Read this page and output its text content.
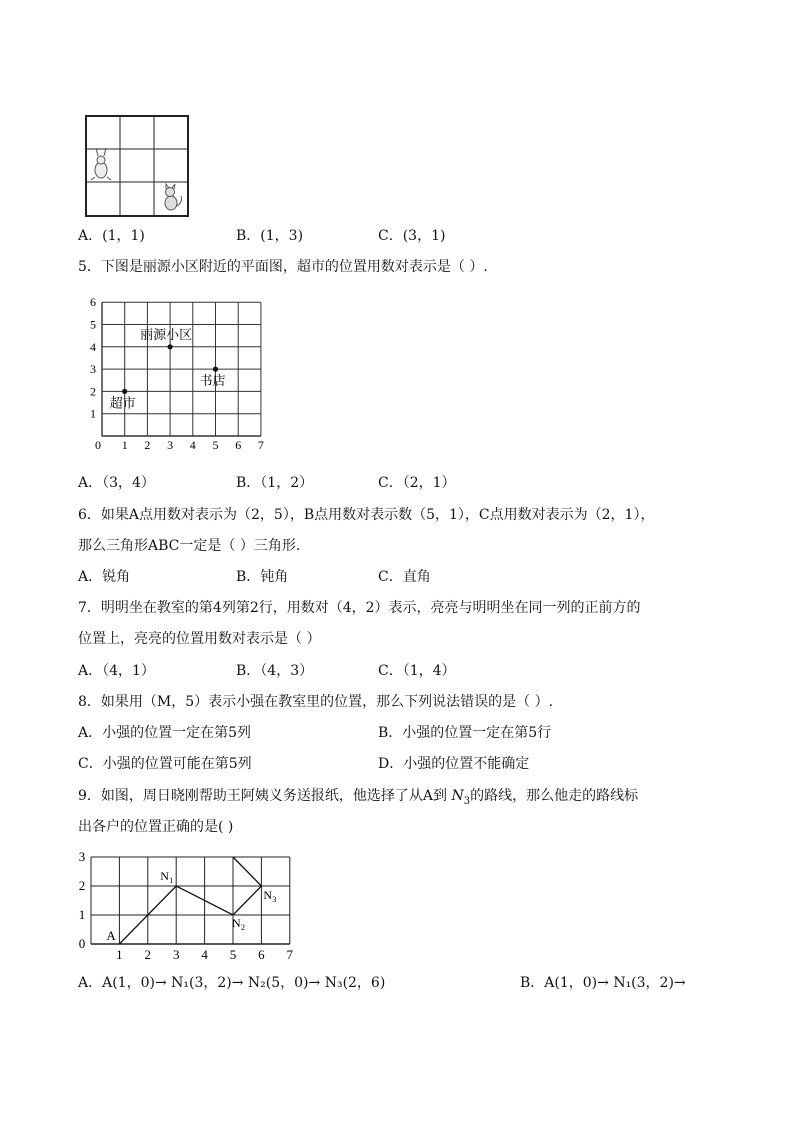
A．(1，1)	B．(1，3)	C．(3，1)
5．下图是丽源小区附近的平面图，超市的位置用数对表示是（ ）.
0 1 2 3 4 5 6 7
1
2
3
4
5
6
丽源小区
书店
超市
A．（3，4）	B．（1，2）	C．（2，1）
6．如果A点用数对表示为（2，5），B点用数对表示数（5，1），C点用数对表示为（2，1），
那么三角形ABC一定是（ ）三角形.
A．锐角	B．钝角	C．直角
7．明明坐在教室的第4列第2行，用数对（4，2）表示，亮亮与明明坐在同一列的正前方的
位置上，亮亮的位置用数对表示是（ ）
A．（4，1）	B．（4，3）	C．（1，4）
8．如果用（M，5）表示小强在教室里的位置，那么下列说法错误的是（ ）.
A．小强的位置一定在第5列	B．小强的位置一定在第5行
C．小强的位置可能在第5列	D．小强的位置不能确定
9．如图，周日晓刚帮助王阿姨义务送报纸，他选择了从A到 $N_3$的路线，那么他走的路线标
出各户的位置正确的是( )
1 2 3 4 5 6 7
0
1
2
3
A
N 1
N 2
N 3
A．A(1，0)→ N₁(3，2)→ N₂(5，0)→ N₃(2，6)	B．A(1，0)→ N₁(3，2)→
